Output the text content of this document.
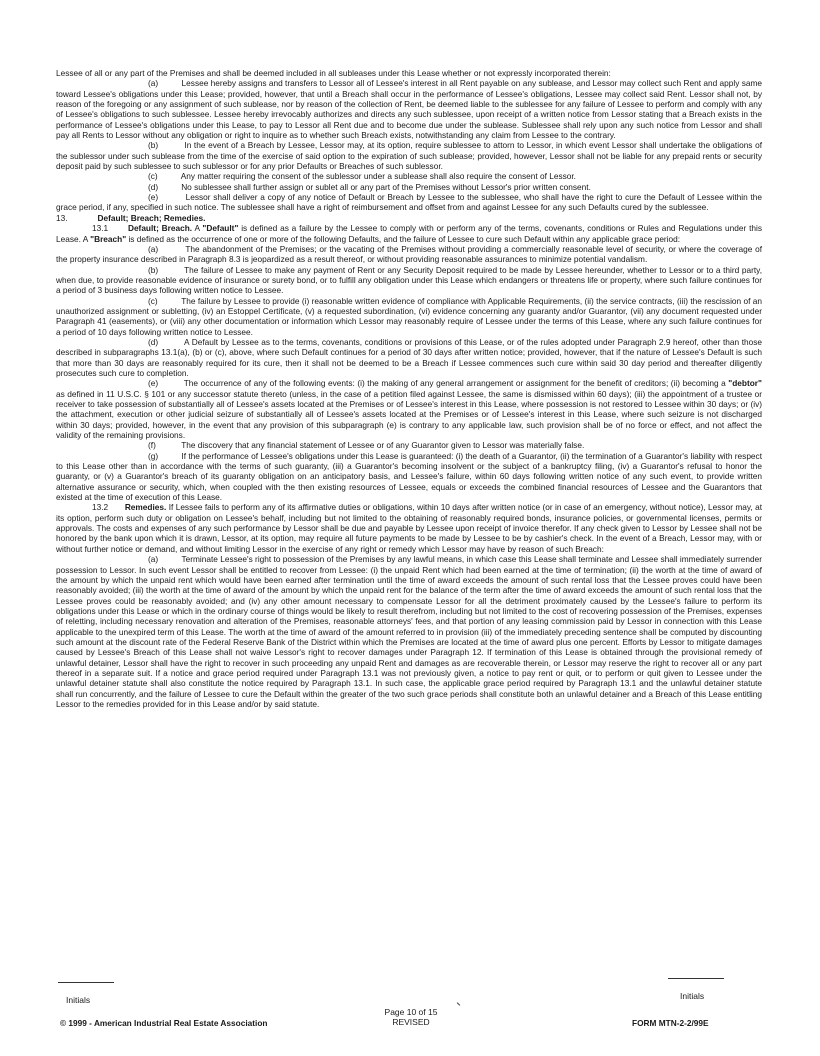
Lessee of all or any part of the Premises and shall be deemed included in all subleases under this Lease whether or not expressly incorporated therein:

(a)          Lessee hereby assigns and transfers to Lessor all of Lessee's interest in all Rent payable on any sublease, and Lessor may collect such Rent and apply same toward Lessee's obligations under this Lease; provided, however, that until a Breach shall occur in the performance of Lessee's obligations, Lessee may collect said Rent. Lessor shall not, by reason of the foregoing or any assignment of such sublease, nor by reason of the collection of Rent, be deemed liable to the sublessee for any failure of Lessee to perform and comply with any of Lessee's obligations to such sublessee. Lessee hereby irrevocably authorizes and directs any such sublessee, upon receipt of a written notice from Lessor stating that a Breach exists in the performance of Lessee's obligations under this Lease, to pay to Lessor all Rent due and to become due under the sublease. Sublessee shall rely upon any such notice from Lessor and shall pay all Rents to Lessor without any obligation or right to inquire as to whether such Breach exists, notwithstanding any claim from Lessee to the contrary.

(b)          In the event of a Breach by Lessee, Lessor may, at its option, require sublessee to attorn to Lessor, in which event Lessor shall undertake the obligations of the sublessor under such sublease from the time of the exercise of said option to the expiration of such sublease; provided, however, Lessor shall not be liable for any prepaid rents or security deposit paid by such sublessee to such sublessor or for any prior Defaults or Breaches of such sublessor.

(c)          Any matter requiring the consent of the sublessor under a sublease shall also require the consent of Lessor.

(d)          No sublessee shall further assign or sublet all or any part of the Premises without Lessor's prior written consent.

(e)          Lessor shall deliver a copy of any notice of Default or Breach by Lessee to the sublessee, who shall have the right to cure the Default of Lessee within the grace period, if any, specified in such notice. The sublessee shall have a right of reimbursement and offset from and against Lessee for any such Defaults cured by the sublessee.

13.	Default; Breach; Remedies.

13.1 Default; Breach. A "Default" is defined as a failure by the Lessee to comply with or perform any of the terms, covenants, conditions or Rules and Regulations under this Lease. A "Breach" is defined as the occurrence of one or more of the following Defaults, and the failure of Lessee to cure such Default within any applicable grace period:

(a)          The abandonment of the Premises; or the vacating of the Premises without providing a commercially reasonable level of security, or where the coverage of the property insurance described in Paragraph 8.3 is jeopardized as a result thereof, or without providing reasonable assurances to minimize potential vandalism.

(b)          The failure of Lessee to make any payment of Rent or any Security Deposit required to be made by Lessee hereunder, whether to Lessor or to a third party, when due, to provide reasonable evidence of insurance or surety bond, or to fulfill any obligation under this Lease which endangers or threatens life or property, where such failure continues for a period of 3 business days following written notice to Lessee.

(c)          The failure by Lessee to provide (i) reasonable written evidence of compliance with Applicable Requirements, (ii) the service contracts, (iii) the rescission of an unauthorized assignment or subletting, (iv) an Estoppel Certificate, (v) a requested subordination, (vi) evidence concerning any guaranty and/or Guarantor, (vii) any document requested under Paragraph 41 (easements), or (viii) any other documentation or information which Lessor may reasonably require of Lessee under the terms of this Lease, where any such failure continues for a period of 10 days following written notice to Lessee.

(d)          A Default by Lessee as to the terms, covenants, conditions or provisions of this Lease, or of the rules adopted under Paragraph 2.9 hereof, other than those described in subparagraphs 13.1(a), (b) or (c), above, where such Default continues for a period of 30 days after written notice; provided, however, that if the nature of Lessee's Default is such that more than 30 days are reasonably required for its cure, then it shall not be deemed to be a Breach if Lessee commences such cure within said 30 day period and thereafter diligently prosecutes such cure to completion.

(e)          The occurrence of any of the following events: (i) the making of any general arrangement or assignment for the benefit of creditors; (ii) becoming a "debtor" as defined in 11 U.S.C. § 101 or any successor statute thereto (unless, in the case of a petition filed against Lessee, the same is dismissed within 60 days); (iii) the appointment of a trustee or receiver to take possession of substantially all of Lessee's assets located at the Premises or of Lessee's interest in this Lease, where possession is not restored to Lessee within 30 days; or (iv) the attachment, execution or other judicial seizure of substantially all of Lessee's assets located at the Premises or of Lessee's interest in this Lease, where such seizure is not discharged within 30 days; provided, however, in the event that any provision of this subparagraph (e) is contrary to any applicable law, such provision shall be of no force or effect, and not affect the validity of the remaining provisions.

(f)           The discovery that any financial statement of Lessee or of any Guarantor given to Lessor was materially false.

(g)          If the performance of Lessee's obligations under this Lease is guaranteed: (i) the death of a Guarantor, (ii) the termination of a Guarantor's liability with respect to this Lease other than in accordance with the terms of such guaranty, (iii) a Guarantor's becoming insolvent or the subject of a bankruptcy filing, (iv) a Guarantor's refusal to honor the guaranty, or (v) a Guarantor's breach of its guaranty obligation on an anticipatory basis, and Lessee's failure, within 60 days following written notice of any such event, to provide written alternative assurance or security, which, when coupled with the then existing resources of Lessee, equals or exceeds the combined financial resources of Lessee and the Guarantors that existed at the time of execution of this Lease.

13.2 Remedies. If Lessee fails to perform any of its affirmative duties or obligations, within 10 days after written notice (or in case of an emergency, without notice), Lessor may, at its option, perform such duty or obligation on Lessee's behalf, including but not limited to the obtaining of reasonably required bonds, insurance policies, or governmental licenses, permits or approvals. The costs and expenses of any such performance by Lessor shall be due and payable by Lessee upon receipt of invoice therefor. If any check given to Lessor by Lessee shall not be honored by the bank upon which it is drawn, Lessor, at its option, may require all future payments to be made by Lessee to be by cashier's check. In the event of a Breach, Lessor may, with or without further notice or demand, and without limiting Lessor in the exercise of any right or remedy which Lessor may have by reason of such Breach:

(a)          Terminate Lessee's right to possession of the Premises by any lawful means, in which case this Lease shall terminate and Lessee shall immediately surrender possession to Lessor. In such event Lessor shall be entitled to recover from Lessee: (i) the unpaid Rent which had been earned at the time of termination; (ii) the worth at the time of award of the amount by which the unpaid rent which would have been earned after termination until the time of award exceeds the amount of such rental loss that the Lessee proves could have been reasonably avoided; (iii) the worth at the time of award of the amount by which the unpaid rent for the balance of the term after the time of award exceeds the amount of such rental loss that the Lessee proves could be reasonably avoided; and (iv) any other amount necessary to compensate Lessor for all the detriment proximately caused by the Lessee's failure to perform its obligations under this Lease or which in the ordinary course of things would be likely to result therefrom, including but not limited to the cost of recovering possession of the Premises, expenses of reletting, including necessary renovation and alteration of the Premises, reasonable attorneys' fees, and that portion of any leasing commission paid by Lessor in connection with this Lease applicable to the unexpired term of this Lease. The worth at the time of award of the amount referred to in provision (iii) of the immediately preceding sentence shall be computed by discounting such amount at the discount rate of the Federal Reserve Bank of the District within which the Premises are located at the time of award plus one percent. Efforts by Lessor to mitigate damages caused by Lessee's Breach of this Lease shall not waive Lessor's right to recover damages under Paragraph 12. If termination of this Lease is obtained through the provisional remedy of unlawful detainer, Lessor shall have the right to recover in such proceeding any unpaid Rent and damages as are recoverable therein, or Lessor may reserve the right to recover all or any part thereof in a separate suit. If a notice and grace period required under Paragraph 13.1 was not previously given, a notice to pay rent or quit, or to perform or quit given to Lessee under the unlawful detainer statute shall also constitute the notice required by Paragraph 13.1. In such case, the applicable grace period required by Paragraph 13.1 and the unlawful detainer statute shall run concurrently, and the failure of Lessee to cure the Default within the greater of the two such grace periods shall constitute both an unlawful detainer and a Breach of this Lease entitling Lessor to the remedies provided for in this Lease and/or by said statute.

Initials	Initials
Page 10 of 15
REVISED
© 1999 - American Industrial Real Estate Association	FORM MTN-2-2/99E
